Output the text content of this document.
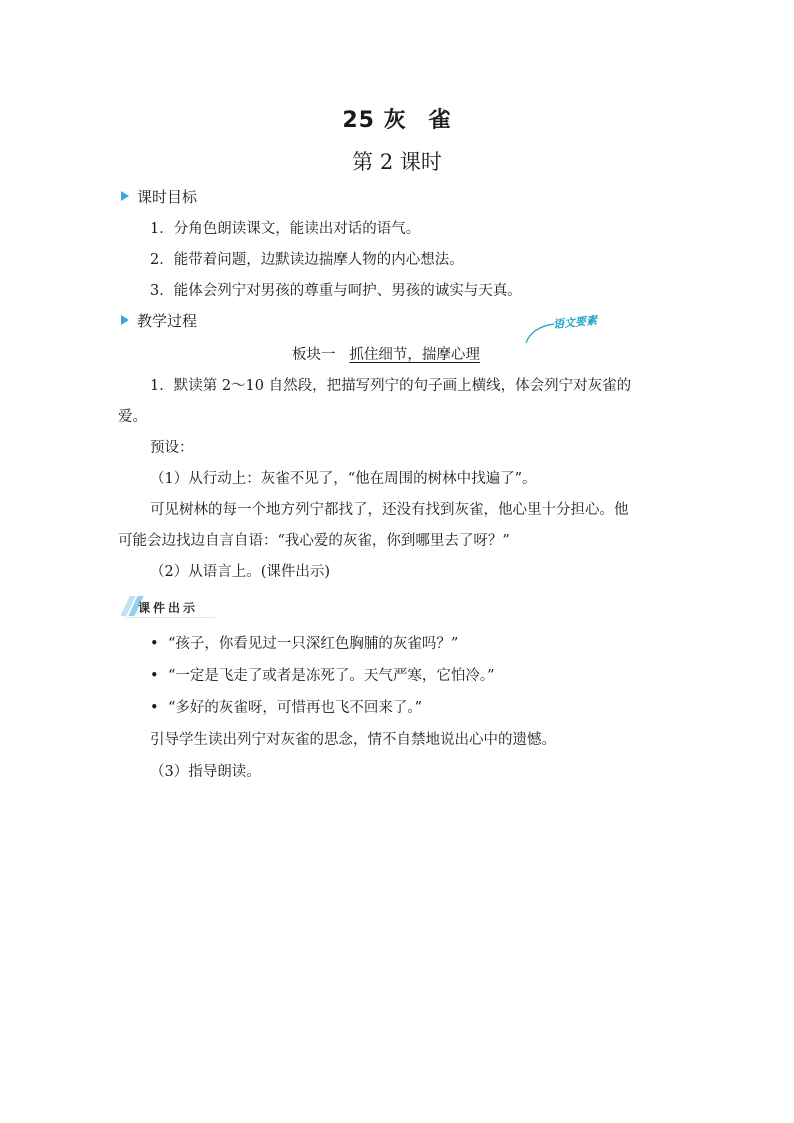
25 灰 雀
第 2 课时
课时目标
1．分角色朗读课文，能读出对话的语气。
2．能带着问题，边默读边揣摩人物的内心想法。
3．能体会列宁对男孩的尊重与呵护、男孩的诚实与天真。
教学过程	语文要素
板块一 抓住细节，揣摩心理
1．默读第 2～10 自然段，把描写列宁的句子画上横线，体会列宁对灰雀的
爱。
预设：
（1）从行动上：灰雀不见了，“他在周围的树林中找遍了”。
可见树林的每一个地方列宁都找了，还没有找到灰雀，他心里十分担心。他
可能会边找边自言自语：“我心爱的灰雀，你到哪里去了呀？”
（2）从语言上。(课件出示)
课件出示
• “孩子，你看见过一只深红色胸脯的灰雀吗？”
• “一定是飞走了或者是冻死了。天气严寒，它怕冷。”
• “多好的灰雀呀，可惜再也飞不回来了。”
引导学生读出列宁对灰雀的思念，情不自禁地说出心中的遗憾。
（3）指导朗读。
